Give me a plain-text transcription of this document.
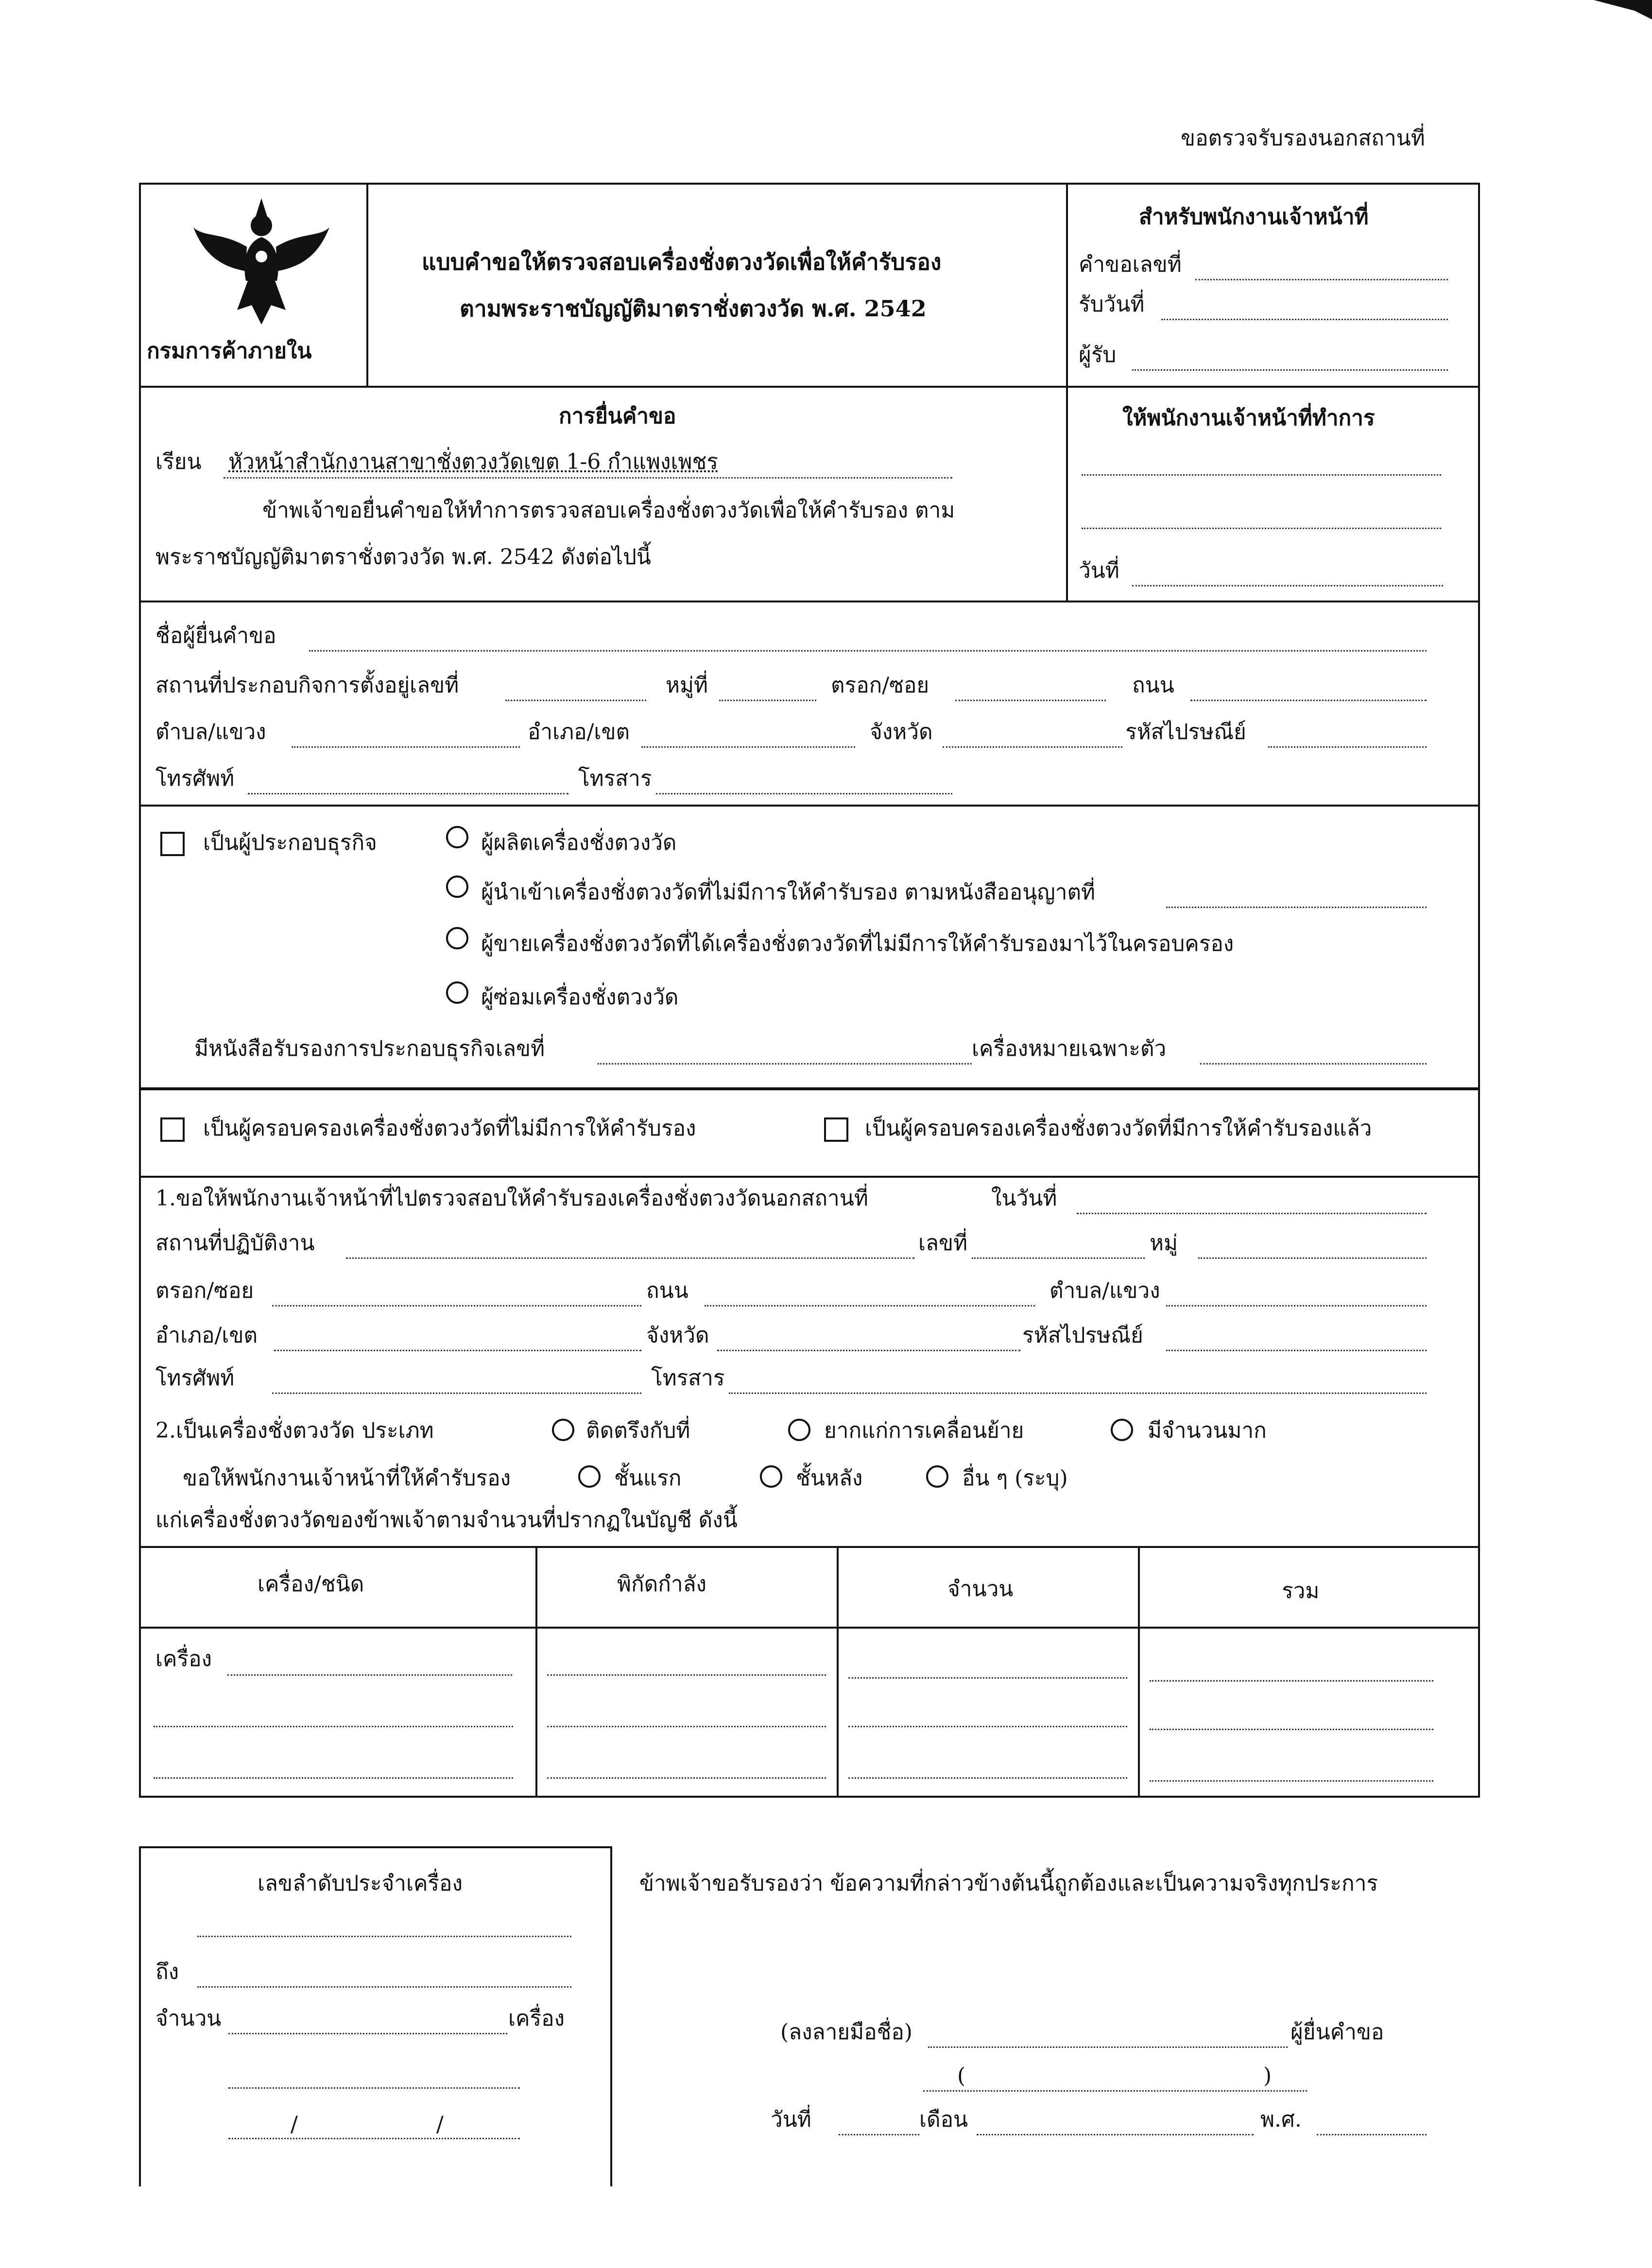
ขอตรวจรับรองนอกสถานที่
กรมการค้าภายใน
แบบคำขอให้ตรวจสอบเครื่องชั่งตวงวัดเพื่อให้คำรับรอง
ตามพระราชบัญญัติมาตราชั่งตวงวัด พ.ศ. 2542
สำหรับพนักงานเจ้าหน้าที่
คำขอเลขที่
รับวันที่
ผู้รับ
การยื่นคำขอ
เรียน หัวหน้าสำนักงานสาขาชั่งตวงวัดเขต 1-6 กำแพงเพชร
ข้าพเจ้าขอยื่นคำขอให้ทำการตรวจสอบเครื่องชั่งตวงวัดเพื่อให้คำรับรอง ตาม
พระราชบัญญัติมาตราชั่งตวงวัด พ.ศ. 2542 ดังต่อไปนี้
ให้พนักงานเจ้าหน้าที่ทำการ
วันที่
ชื่อผู้ยื่นคำขอ
สถานที่ประกอบกิจการตั้งอยู่เลขที่	หมู่ที่	ตรอก/ซอย	ถนน
ตำบล/แขวง	อำเภอ/เขต	จังหวัด	รหัสไปรษณีย์
โทรศัพท์	โทรสาร
เป็นผู้ประกอบธุรกิจ	ผู้ผลิตเครื่องชั่งตวงวัด
ผู้นำเข้าเครื่องชั่งตวงวัดที่ไม่มีการให้คำรับรอง ตามหนังสืออนุญาตที่
ผู้ขายเครื่องชั่งตวงวัดที่ได้เครื่องชั่งตวงวัดที่ไม่มีการให้คำรับรองมาไว้ในครอบครอง
ผู้ซ่อมเครื่องชั่งตวงวัด
มีหนังสือรับรองการประกอบธุรกิจเลขที่	เครื่องหมายเฉพาะตัว
เป็นผู้ครอบครองเครื่องชั่งตวงวัดที่ไม่มีการให้คำรับรอง	เป็นผู้ครอบครองเครื่องชั่งตวงวัดที่มีการให้คำรับรองแล้ว
1.ขอให้พนักงานเจ้าหน้าที่ไปตรวจสอบให้คำรับรองเครื่องชั่งตวงวัดนอกสถานที่	ในวันที่
สถานที่ปฏิบัติงาน	เลขที่	หมู่
ตรอก/ซอย	ถนน	ตำบล/แขวง
อำเภอ/เขต	จังหวัด	รหัสไปรษณีย์
โทรศัพท์	โทรสาร
2.เป็นเครื่องชั่งตวงวัด ประเภท	ติดตรึงกับที่	ยากแก่การเคลื่อนย้าย	มีจำนวนมาก
ขอให้พนักงานเจ้าหน้าที่ให้คำรับรอง	ชั้นแรก	ชั้นหลัง	อื่น ๆ (ระบุ)
แก่เครื่องชั่งตวงวัดของข้าพเจ้าตามจำนวนที่ปรากฏในบัญชี ดังนี้
เครื่อง/ชนิด	พิกัดกำลัง	จำนวน	รวม
เครื่อง
เลขลำดับประจำเครื่อง
ถึง
จำนวน	เครื่อง
/	/
ข้าพเจ้าขอรับรองว่า ข้อความที่กล่าวข้างต้นนี้ถูกต้องและเป็นความจริงทุกประการ
(ลงลายมือชื่อ)	ผู้ยื่นคำขอ
(	)
วันที่	เดือน	พ.ศ.
